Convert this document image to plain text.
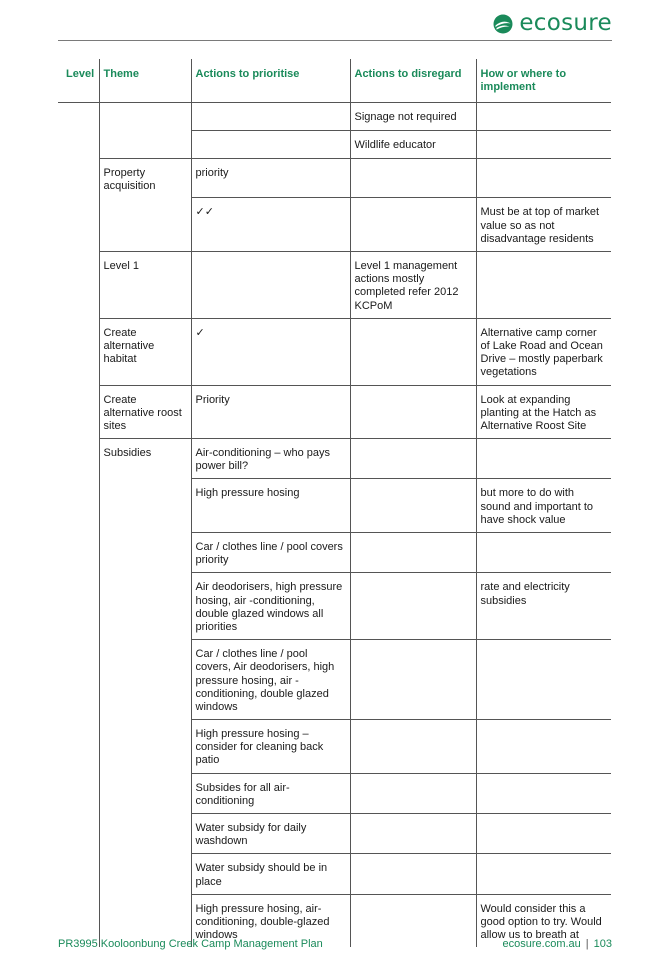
ecosure
Level	Theme	Actions to prioritise	Actions to disregard	How or where to implement
			Signage not required	
			Wildlife educator	
	Property acquisition	priority		
		✓✓		Must be at top of market value so as not disadvantage residents
	Level 1		Level 1 management actions mostly completed refer 2012 KCPoM	
	Create alternative habitat	✓		Alternative camp corner of Lake Road and Ocean Drive – mostly paperbark vegetations
	Create alternative roost sites	Priority		Look at expanding planting at the Hatch as Alternative Roost Site
	Subsidies	Air-conditioning – who pays power bill?		
		High pressure hosing		but more to do with sound and important to have shock value
		Car / clothes line / pool covers priority		
		Air deodorisers, high pressure hosing, air -conditioning, double glazed windows all priorities		rate and electricity subsidies
		Car / clothes line / pool covers, Air deodorisers, high pressure hosing, air -conditioning, double glazed windows		
		High pressure hosing – consider for cleaning back patio		
		Subsides for all air-conditioning		
		Water subsidy for daily washdown		
		Water subsidy should be in place		
		High pressure hosing, air-conditioning, double-glazed windows		Would consider this a good option to try. Would allow us to breath at
PR3995 Kooloonbung Creek Camp Management Plan	ecosure.com.au | 103
